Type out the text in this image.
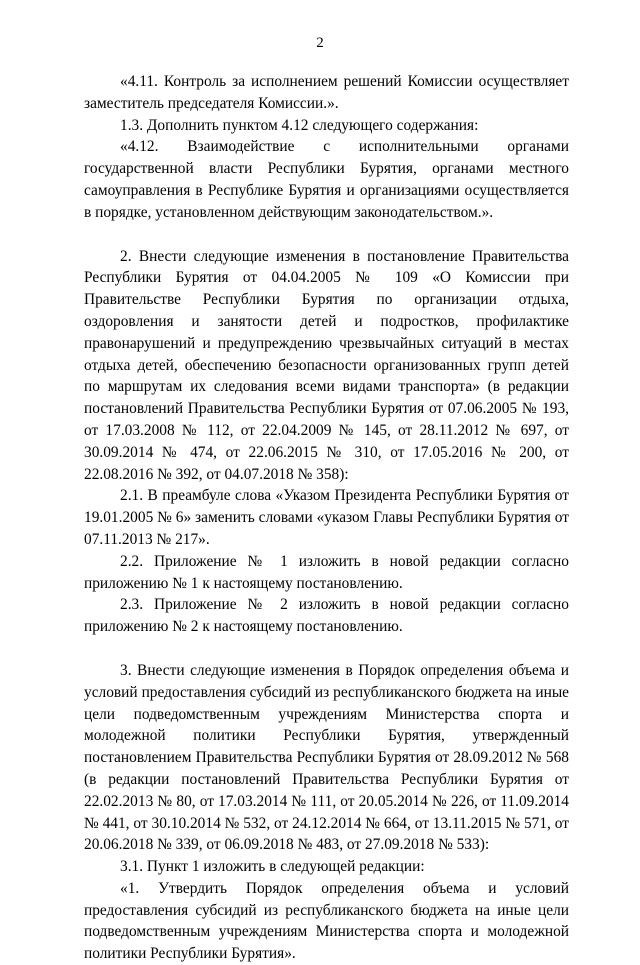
2

«4.11. Контроль за исполнением решений Комиссии осуществляет заместитель председателя Комиссии.».

1.3. Дополнить пунктом 4.12 следующего содержания:

«4.12. Взаимодействие с исполнительными органами государственной власти Республики Бурятия, органами местного самоуправления в Республике Бурятия и организациями осуществляется в порядке, установленном действующим законодательством.».

2. Внести следующие изменения в постановление Правительства Республики Бурятия от 04.04.2005 № 109 «О Комиссии при Правительстве Республики Бурятия по организации отдыха, оздоровления и занятости детей и подростков, профилактике правонарушений и предупреждению чрезвычайных ситуаций в местах отдыха детей, обеспечению безопасности организованных групп детей по маршрутам их следования всеми видами транспорта» (в редакции постановлений Правительства Республики Бурятия от 07.06.2005 № 193, от 17.03.2008 № 112, от 22.04.2009 № 145, от 28.11.2012 № 697, от 30.09.2014 № 474, от 22.06.2015 № 310, от 17.05.2016 № 200, от 22.08.2016 № 392, от 04.07.2018 № 358):

2.1. В преамбуле слова «Указом Президента Республики Бурятия от 19.01.2005 № 6» заменить словами «указом Главы Республики Бурятия от 07.11.2013 № 217».

2.2. Приложение № 1 изложить в новой редакции согласно приложению № 1 к настоящему постановлению.

2.3. Приложение № 2 изложить в новой редакции согласно приложению № 2 к настоящему постановлению.

3. Внести следующие изменения в Порядок определения объема и условий предоставления субсидий из республиканского бюджета на иные цели подведомственным учреждениям Министерства спорта и молодежной политики Республики Бурятия, утвержденный постановлением Правительства Республики Бурятия от 28.09.2012 № 568 (в редакции постановлений Правительства Республики Бурятия от 22.02.2013 № 80, от 17.03.2014 № 111, от 20.05.2014 № 226, от 11.09.2014 № 441, от 30.10.2014 № 532, от 24.12.2014 № 664, от 13.11.2015 № 571, от 20.06.2018 № 339, от 06.09.2018 № 483, от 27.09.2018 № 533):

3.1. Пункт 1 изложить в следующей редакции:

«1. Утвердить Порядок определения объема и условий предоставления субсидий из республиканского бюджета на иные цели подведомственным учреждениям Министерства спорта и молодежной политики Республики Бурятия».
